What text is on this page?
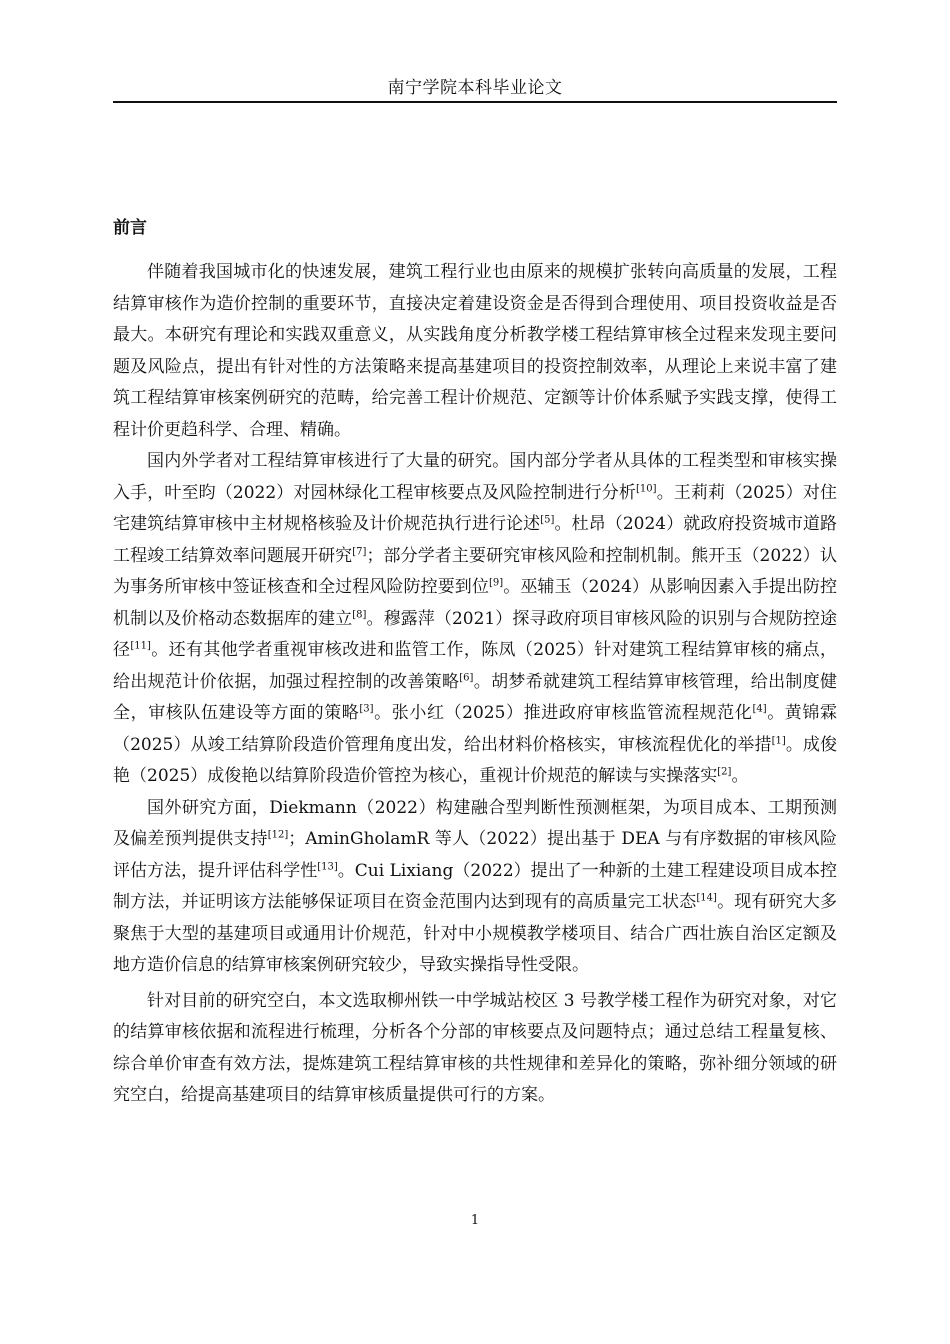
南宁学院本科毕业论文
前言

伴随着我国城市化的快速发展，建筑工程行业也由原来的规模扩张转向高质量的发展，工程结算审核作为造价控制的重要环节，直接决定着建设资金是否得到合理使用、项目投资收益是否最大。本研究有理论和实践双重意义，从实践角度分析教学楼工程结算审核全过程来发现主要问题及风险点，提出有针对性的方法策略来提高基建项目的投资控制效率，从理论上来说丰富了建筑工程结算审核案例研究的范畴，给完善工程计价规范、定额等计价体系赋予实践支撑，使得工程计价更趋科学、合理、精确。

国内外学者对工程结算审核进行了大量的研究。国内部分学者从具体的工程类型和审核实操入手，叶至昀（2022）对园林绿化工程审核要点及风险控制进行分析[10]。王莉莉（2025）对住宅建筑结算审核中主材规格核验及计价规范执行进行论述[5]。杜昂（2024）就政府投资城市道路工程竣工结算效率问题展开研究[7]；部分学者主要研究审核风险和控制机制。熊开玉（2022）认为事务所审核中签证核查和全过程风险防控要到位[9]。巫辅玉（2024）从影响因素入手提出防控机制以及价格动态数据库的建立[8]。穆露萍（2021）探寻政府项目审核风险的识别与合规防控途径[11]。还有其他学者重视审核改进和监管工作，陈凤（2025）针对建筑工程结算审核的痛点，给出规范计价依据，加强过程控制的改善策略[6]。胡梦希就建筑工程结算审核管理，给出制度健全，审核队伍建设等方面的策略[3]。张小红（2025）推进政府审核监管流程规范化[4]。黄锦霖（2025）从竣工结算阶段造价管理角度出发，给出材料价格核实，审核流程优化的举措[1]。成俊艳（2025）成俊艳以结算阶段造价管控为核心，重视计价规范的解读与实操落实[2]。

国外研究方面，Diekmann（2022）构建融合型判断性预测框架，为项目成本、工期预测及偏差预判提供支持[12]；AminGholamR 等人（2022）提出基于 DEA 与有序数据的审核风险评估方法，提升评估科学性[13]。Cui Lixiang（2022）提出了一种新的土建工程建设项目成本控制方法，并证明该方法能够保证项目在资金范围内达到现有的高质量完工状态[14]。现有研究大多聚焦于大型的基建项目或通用计价规范，针对中小规模教学楼项目、结合广西壮族自治区定额及地方造价信息的结算审核案例研究较少，导致实操指导性受限。

针对目前的研究空白，本文选取柳州铁一中学城站校区 3 号教学楼工程作为研究对象，对它的结算审核依据和流程进行梳理，分析各个分部的审核要点及问题特点；通过总结工程量复核、综合单价审查有效方法，提炼建筑工程结算审核的共性规律和差异化的策略，弥补细分领域的研究空白，给提高基建项目的结算审核质量提供可行的方案。

1
